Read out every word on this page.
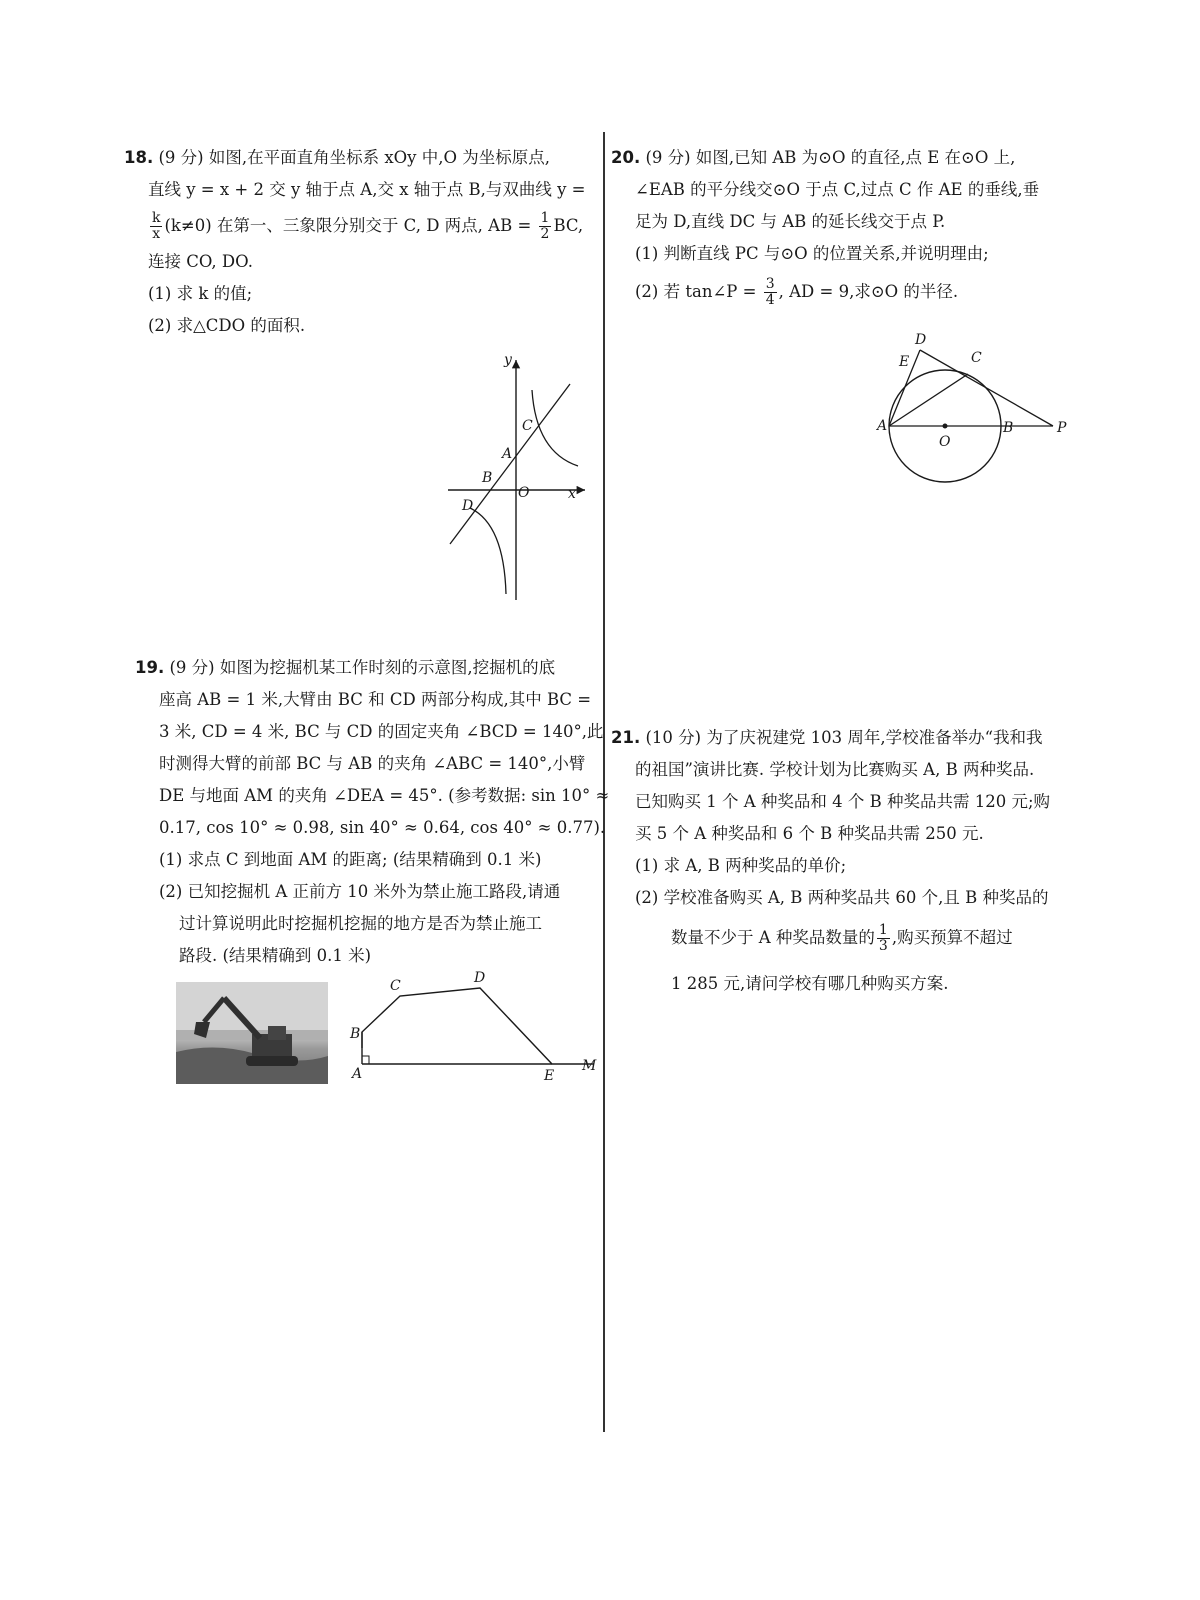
18. (9 分) 如图,在平面直角坐标系 xOy 中,O 为坐标原点,

直线 y = x + 2 交 y 轴于点 A,交 x 轴于点 B,与双曲线 y =

$\frac{k}{x} (k\ne 0)$ 在第一、三象限分别交于 C, D 两点, AB = $\frac{1}{2}$ BC,

连接 CO, DO.

(1) 求 k 的值;

(2) 求△CDO 的面积.

y
C
A
B
O	x
D

19. (9 分) 如图为挖掘机某工作时刻的示意图,挖掘机的底

座高 AB = 1 米,大臂由 BC 和 CD 两部分构成,其中 BC =

3 米, CD = 4 米, BC 与 CD 的固定夹角 ∠BCD = 140°,此

时测得大臂的前部 BC 与 AB 的夹角 ∠ABC = 140°,小臂

DE 与地面 AM 的夹角 ∠DEA = 45°. (参考数据: sin 10° ≈

0.17, cos 10° ≈ 0.98, sin 40° ≈ 0.64, cos 40° ≈ 0.77).

(1) 求点 C 到地面 AM 的距离; (结果精确到 0.1 米)

(2) 已知挖掘机 A 正前方 10 米外为禁止施工路段,请通

过计算说明此时挖掘机挖掘的地方是否为禁止施工

路段. (结果精确到 0.1 米)

C	D
B
A	E
M

20. (9 分) 如图,已知 AB 为⊙O 的直径,点 E 在⊙O 上,

∠EAB 的平分线交⊙O 于点 C,过点 C 作 AE 的垂线,垂

足为 D,直线 DC 与 AB 的延长线交于点 P.

(1) 判断直线 PC 与⊙O 的位置关系,并说明理由;

(2) 若 tan∠P = $\frac{3}{4}$ , AD = 9,求⊙O 的半径.

D
E	C
A
O
B	P

21. (10 分) 为了庆祝建党 103 周年,学校准备举办“我和我

的祖国”演讲比赛. 学校计划为比赛购买 A, B 两种奖品.

已知购买 1 个 A 种奖品和 4 个 B 种奖品共需 120 元;购

买 5 个 A 种奖品和 6 个 B 种奖品共需 250 元.

(1) 求 A, B 两种奖品的单价;

(2) 学校准备购买 A, B 两种奖品共 60 个,且 B 种奖品的

数量不少于 A 种奖品数量的 $\frac{1}{3}$ ,购买预算不超过

1 285 元,请问学校有哪几种购买方案.
